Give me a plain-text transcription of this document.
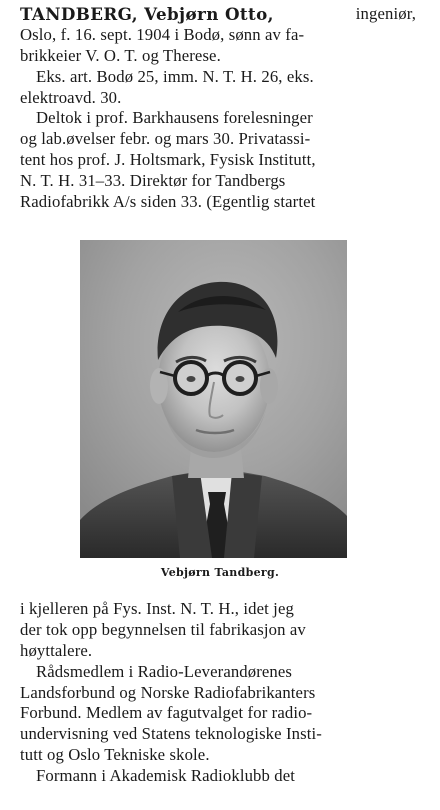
TANDBERG, Vebjørn Otto,	ingeniør,
Oslo, f. 16. sept. 1904 i Bodø, sønn av fa-
brikkeier V. O. T. og Therese.
Eks. art. Bodø 25, imm. N. T. H. 26, eks.
elektroavd. 30.
Deltok i prof. Barkhausens forelesninger
og lab.øvelser febr. og mars 30. Privatassi-
tent hos prof. J. Holtsmark, Fysisk Institutt,
N. T. H. 31–33. Direktør for Tandbergs
Radiofabrikk A/s siden 33. (Egentlig startet
Vebjørn Tandberg.
i kjelleren på Fys. Inst. N. T. H., idet jeg
der tok opp begynnelsen til fabrikasjon av
høyttalere.
Rådsmedlem i Radio-Leverandørenes
Landsforbund og Norske Radiofabrikanters
Forbund. Medlem av fagutvalget for radio-
undervisning ved Statens teknologiske Insti-
tutt og Oslo Tekniske skole.
Formann i Akademisk Radioklubb det
